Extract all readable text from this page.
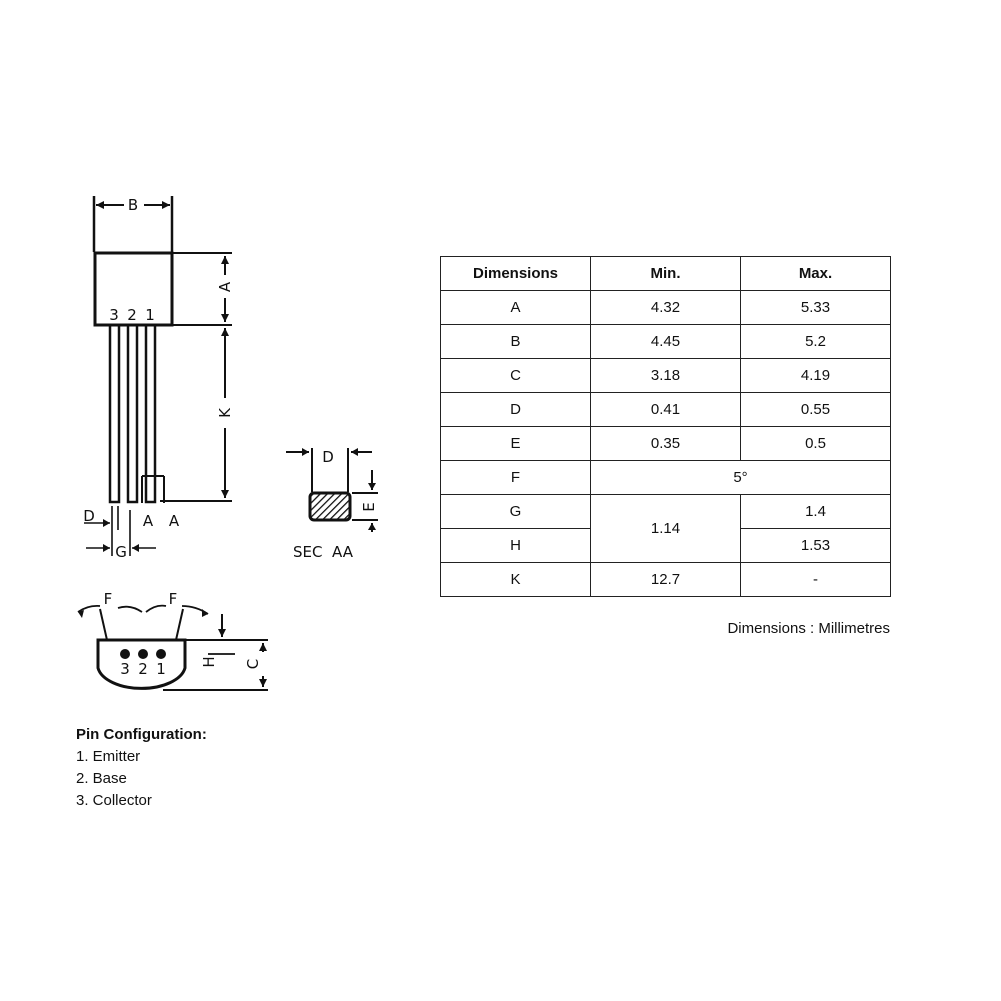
B
A
K
3 2 1
D	A A
G
D
E
SEC  AA
F	F
H C
3 2 1
Dimensions	Min.	Max.
A	4.32	5.33
B	4.45	5.2
C	3.18	4.19
D	0.41	0.55
E	0.35	0.5
F	5°	
G	1.14	1.4
H		1.53
K	12.7	-
Dimensions : Millimetres
Pin Configuration:
1. Emitter
2. Base
3. Collector
